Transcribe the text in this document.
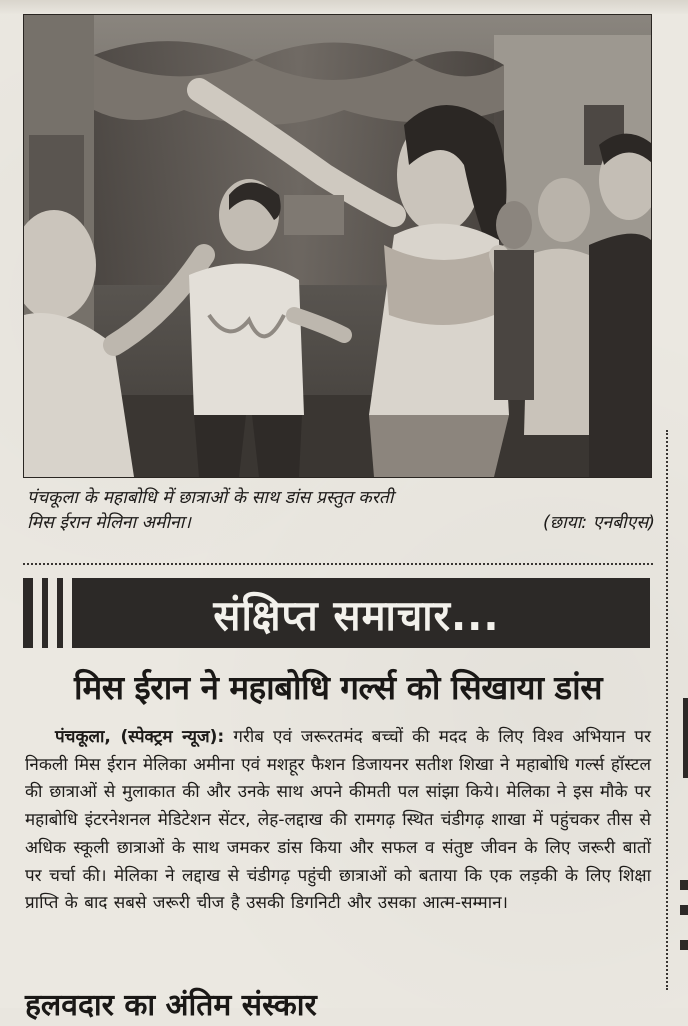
पंचकूला के महाबोधि में छात्राओं के साथ डांस प्रस्तुत करती
मिस ईरान मेलिना अमीना।	(छाया: एनबीएस)
संक्षिप्त समाचार...
मिस ईरान ने महाबोधि गर्ल्स को सिखाया डांस

पंचकूला, (स्पेक्ट्रम न्यूज): गरीब एवं जरूरतमंद बच्चों की मदद के लिए विश्व अभियान पर निकली मिस ईरान मेलिका अमीना एवं मशहूर फैशन डिजायनर सतीश शिखा ने महाबोधि गर्ल्स हॉस्टल की छात्राओं से मुलाकात की और उनके साथ अपने कीमती पल सांझा किये। मेलिका ने इस मौके पर महाबोधि इंटरनेशनल मेडिटेशन सेंटर, लेह-लद्दाख की रामगढ़ स्थित चंडीगढ़ शाखा में पहुंचकर तीस से अधिक स्कूली छात्राओं के साथ जमकर डांस किया और सफल व संतुष्ट जीवन के लिए जरूरी बातों पर चर्चा की। मेलिका ने लद्दाख से चंडीगढ़ पहुंची छात्राओं को बताया कि एक लड़की के लिए शिक्षा प्राप्ति के बाद सबसे जरूरी चीज है उसकी डिगनिटी और उसका आत्म-सम्मान।

हलवदार का अंतिम संस्कार
